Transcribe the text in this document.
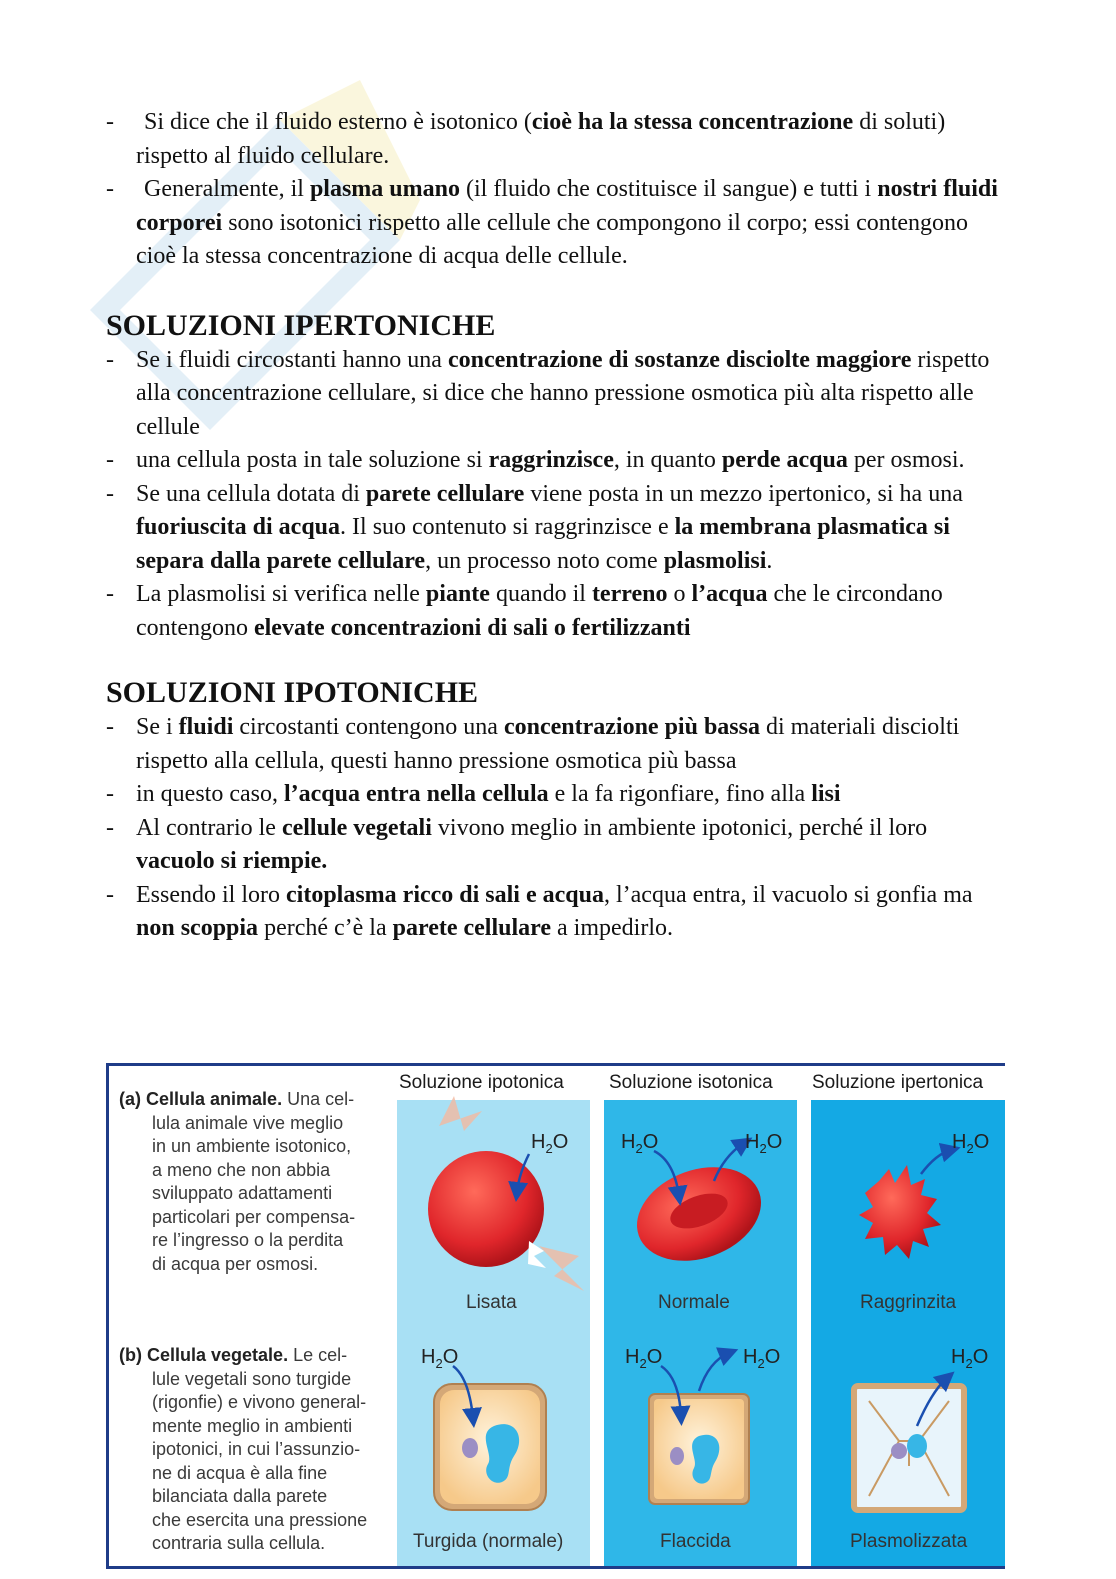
- Si dice che il fluido esterno è isotonico (cioè ha la stessa concentrazione di soluti) rispetto al fluido cellulare.
- Generalmente, il plasma umano (il fluido che costituisce il sangue) e tutti i nostri fluidi corporei sono isotonici rispetto alle cellule che compongono il corpo; essi contengono cioè la stessa concentrazione di acqua delle cellule.
SOLUZIONI IPERTONICHE
- Se i fluidi circostanti hanno una concentrazione di sostanze disciolte maggiore rispetto alla concentrazione cellulare, si dice che hanno pressione osmotica più alta rispetto alle cellule
- una cellula posta in tale soluzione si raggrinzisce, in quanto perde acqua per osmosi.
- Se una cellula dotata di parete cellulare viene posta in un mezzo ipertonico, si ha una fuoriuscita di acqua. Il suo contenuto si raggrinzisce e la membrana plasmatica si separa dalla parete cellulare, un processo noto come plasmolisi.
- La plasmolisi si verifica nelle piante quando il terreno o l’acqua che le circondano contengono elevate concentrazioni di sali o fertilizzanti
SOLUZIONI IPOTONICHE
- Se i fluidi circostanti contengono una concentrazione più bassa di materiali disciolti rispetto alla cellula, questi hanno pressione osmotica più bassa
- in questo caso, l’acqua entra nella cellula e la fa rigonfiare, fino alla lisi
- Al contrario le cellule vegetali vivono meglio in ambiente ipotonici, perché il loro vacuolo si riempie.
- Essendo il loro citoplasma ricco di sali e acqua, l’acqua entra, il vacuolo si gonfia ma non scoppia perché c’è la parete cellulare a impedirlo.
Soluzione ipotonica Soluzione isotonica Soluzione ipertonica
(a) Cellula animale. Una cel-
lula animale vive meglio
in un ambiente isotonico,
a meno che non abbia
sviluppato adattamenti
particolari per compensa-
re l’ingresso o la perdita
di acqua per osmosi.
(b) Cellula vegetale. Le cel-
lule vegetali sono turgide
(rigonfie) e vivono general-
mente meglio in ambienti
ipotonici, in cui l’assunzio-
ne di acqua è alla fine
bilanciata dalla parete
che esercita una pressione
contraria sulla cellula.
$H_2O$	$H_2O$	$H_2O$	$H_2O$
$H_2O$	$H_2O$	$H_2O$	$H_2O$
Lisata	Normale	Raggrinzita
Turgida (normale)	Flaccida	Plasmolizzata
